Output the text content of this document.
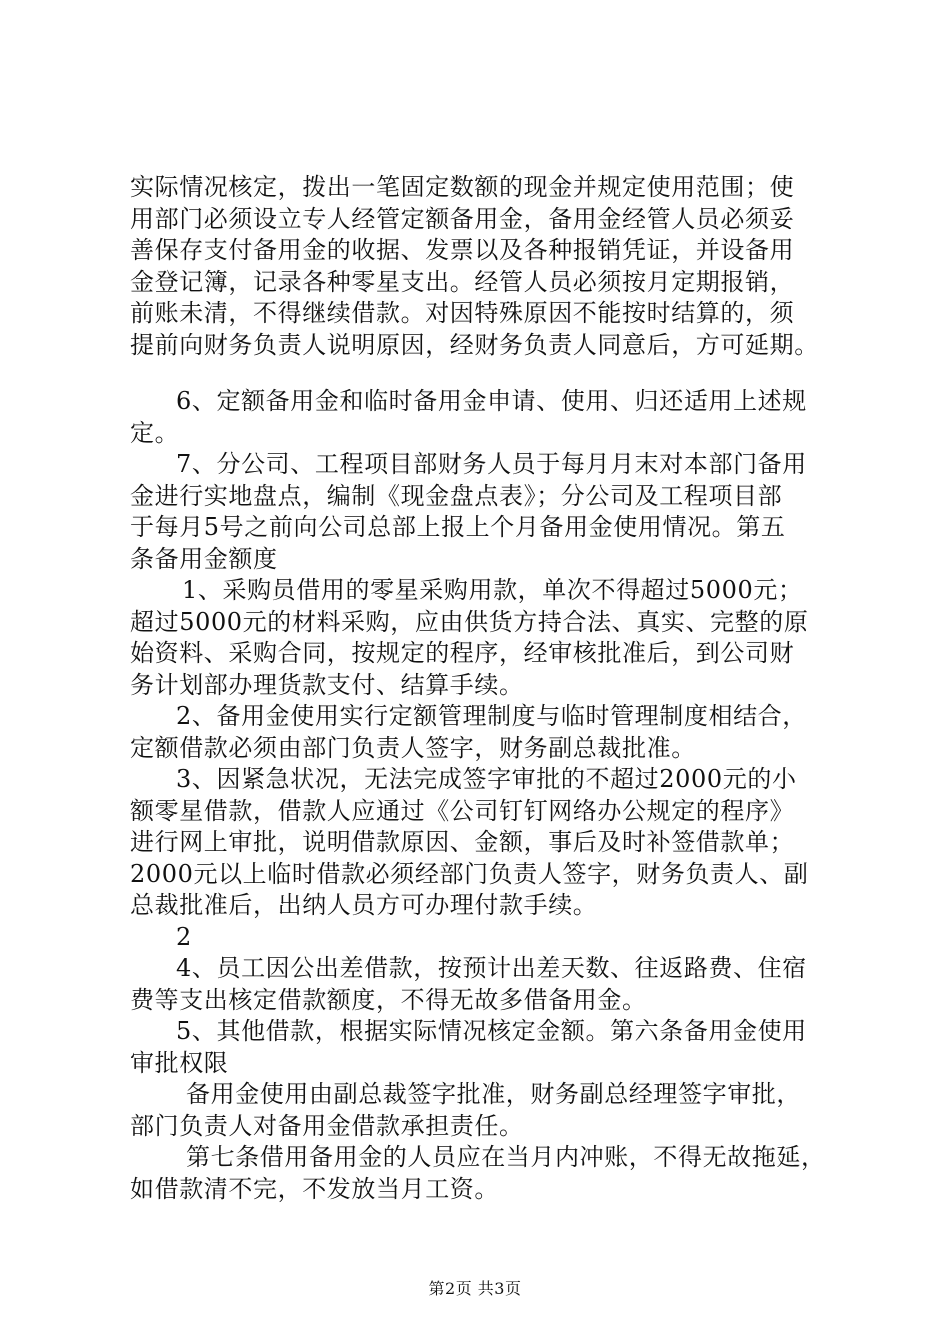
实际情况核定，拨出一笔固定数额的现金并规定使用范围；使
用部门必须设立专人经管定额备用金，备用金经管人员必须妥
善保存支付备用金的收据、发票以及各种报销凭证，并设备用
金登记簿，记录各种零星支出。经管人员必须按月定期报销，
前账未清，不得继续借款。对因特殊原因不能按时结算的，须
提前向财务负责人说明原因，经财务负责人同意后，方可延期。
6、定额备用金和临时备用金申请、使用、归还适用上述规
定。
7、分公司、工程项目部财务人员于每月月末对本部门备用
金进行实地盘点，编制《现金盘点表》；分公司及工程项目部
于每月5号之前向公司总部上报上个月备用金使用情况。第五
条备用金额度
1、采购员借用的零星采购用款，单次不得超过5000元；
超过5000元的材料采购，应由供货方持合法、真实、完整的原
始资料、采购合同，按规定的程序，经审核批准后，到公司财
务计划部办理货款支付、结算手续。
2、备用金使用实行定额管理制度与临时管理制度相结合，
定额借款必须由部门负责人签字，财务副总裁批准。
3、因紧急状况，无法完成签字审批的不超过2000元的小
额零星借款，借款人应通过《公司钉钉网络办公规定的程序》
进行网上审批，说明借款原因、金额，事后及时补签借款单；
2000元以上临时借款必须经部门负责人签字，财务负责人、副
总裁批准后，出纳人员方可办理付款手续。
2
4、员工因公出差借款，按预计出差天数、往返路费、住宿
费等支出核定借款额度，不得无故多借备用金。
5、其他借款，根据实际情况核定金额。第六条备用金使用
审批权限
备用金使用由副总裁签字批准，财务副总经理签字审批，
部门负责人对备用金借款承担责任。
第七条借用备用金的人员应在当月内冲账，不得无故拖延，
如借款清不完，不发放当月工资。
第2页 共3页
